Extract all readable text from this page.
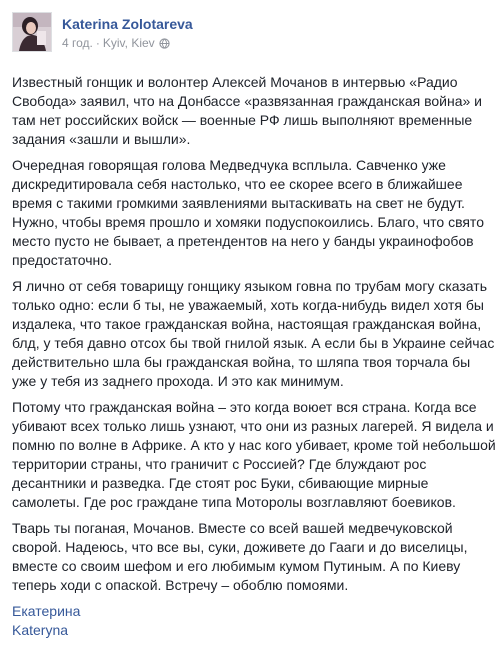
Katerina Zolotareva
4 год. · Kyiv, Kiev

Известный гонщик и волонтер Алексей Мочанов в интервью «Радио Свобода» заявил, что на Донбассе «развязанная гражданская война» и там нет российских войск — военные РФ лишь выполняют временные задания «зашли и вышли».

Очередная говорящая голова Медведчука всплыла. Савченко уже дискредитировала себя настолько, что ее скорее всего в ближайшее время с такими громкими заявлениями вытаскивать на свет не будут. Нужно, чтобы время прошло и хомяки подуспокоились. Благо, что свято место пусто не бывает, а претендентов на него у банды украинофобов предостаточно.

Я лично от себя товарищу гонщику языком говна по трубам могу сказать только одно: если б ты, не уважаемый, хоть когда-нибудь видел хотя бы издалека, что такое гражданская война, настоящая гражданская война, блд, у тебя давно отсох бы твой гнилой язык. А если бы в Украине сейчас действительно шла бы гражданская война, то шляпа твоя торчала бы уже у тебя из заднего прохода. И это как минимум.

Потому что гражданская война – это когда воюет вся страна. Когда все убивают всех только лишь узнают, что они из разных лагерей. Я видела и помню по волне в Африке. А кто у нас кого убивает, кроме той небольшой территории страны, что граничит с Россией? Где блуждают рос десантники и разведка. Где стоят рос Буки, сбивающие мирные самолеты. Где рос граждане типа Моторолы возглавляют боевиков.

Тварь ты поганая, Мочанов. Вместе со всей вашей медвечуковской сворой. Надеюсь, что все вы, суки, доживете до Гааги и до виселицы, вместе со своим шефом и его любимым кумом Путиным. А по Киеву теперь ходи с опаской. Встречу – обоблю помоями.

Екатерина
Kateryna
